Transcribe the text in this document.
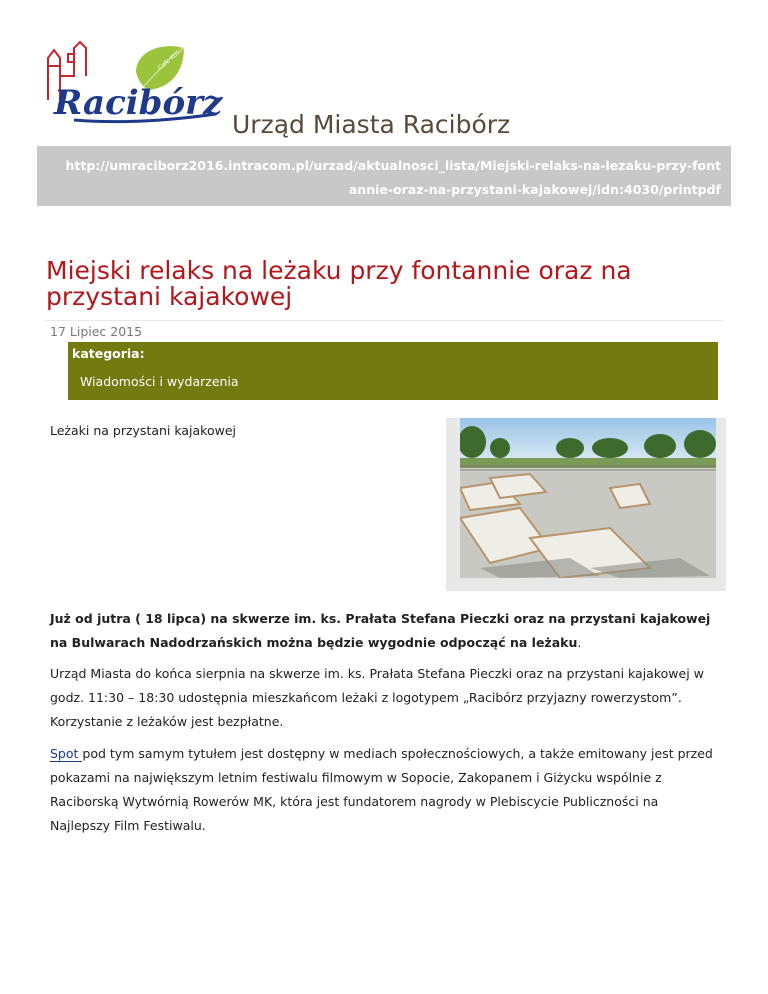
Cafe Kościół
Racibórz
Urząd Miasta Racibórz
http://umraciborz2016.intracom.pl/urzad/aktualnosci_lista/Miejski-relaks-na-lezaku-przy-font
annie-oraz-na-przystani-kajakowej/idn:4030/printpdf
Miejski relaks na leżaku przy fontannie oraz na przystani kajakowej
17 Lipiec 2015
kategoria:
Wiadomości i wydarzenia
Leżaki na przystani kajakowej

Już od jutra ( 18 lipca) na skwerze im. ks. Prałata Stefana Pieczki oraz na przystani kajakowej na Bulwarach Nadodrzańskich można będzie wygodnie odpocząć na leżaku.

Urząd Miasta do końca sierpnia na skwerze im. ks. Prałata Stefana Pieczki oraz na przystani kajakowej w godz. 11:30 – 18:30 udostępnia mieszkańcom leżaki z logotypem „Racibórz przyjazny rowerzystom”. Korzystanie z leżaków jest bezpłatne.

Spot pod tym samym tytułem jest dostępny w mediach społecznościowych, a także emitowany jest przed pokazami na największym letnim festiwalu filmowym w Sopocie, Zakopanem i Giżycku wspólnie z Raciborską Wytwórnią Rowerów MK, która jest fundatorem nagrody w Plebiscycie Publiczności na Najlepszy Film Festiwalu.
